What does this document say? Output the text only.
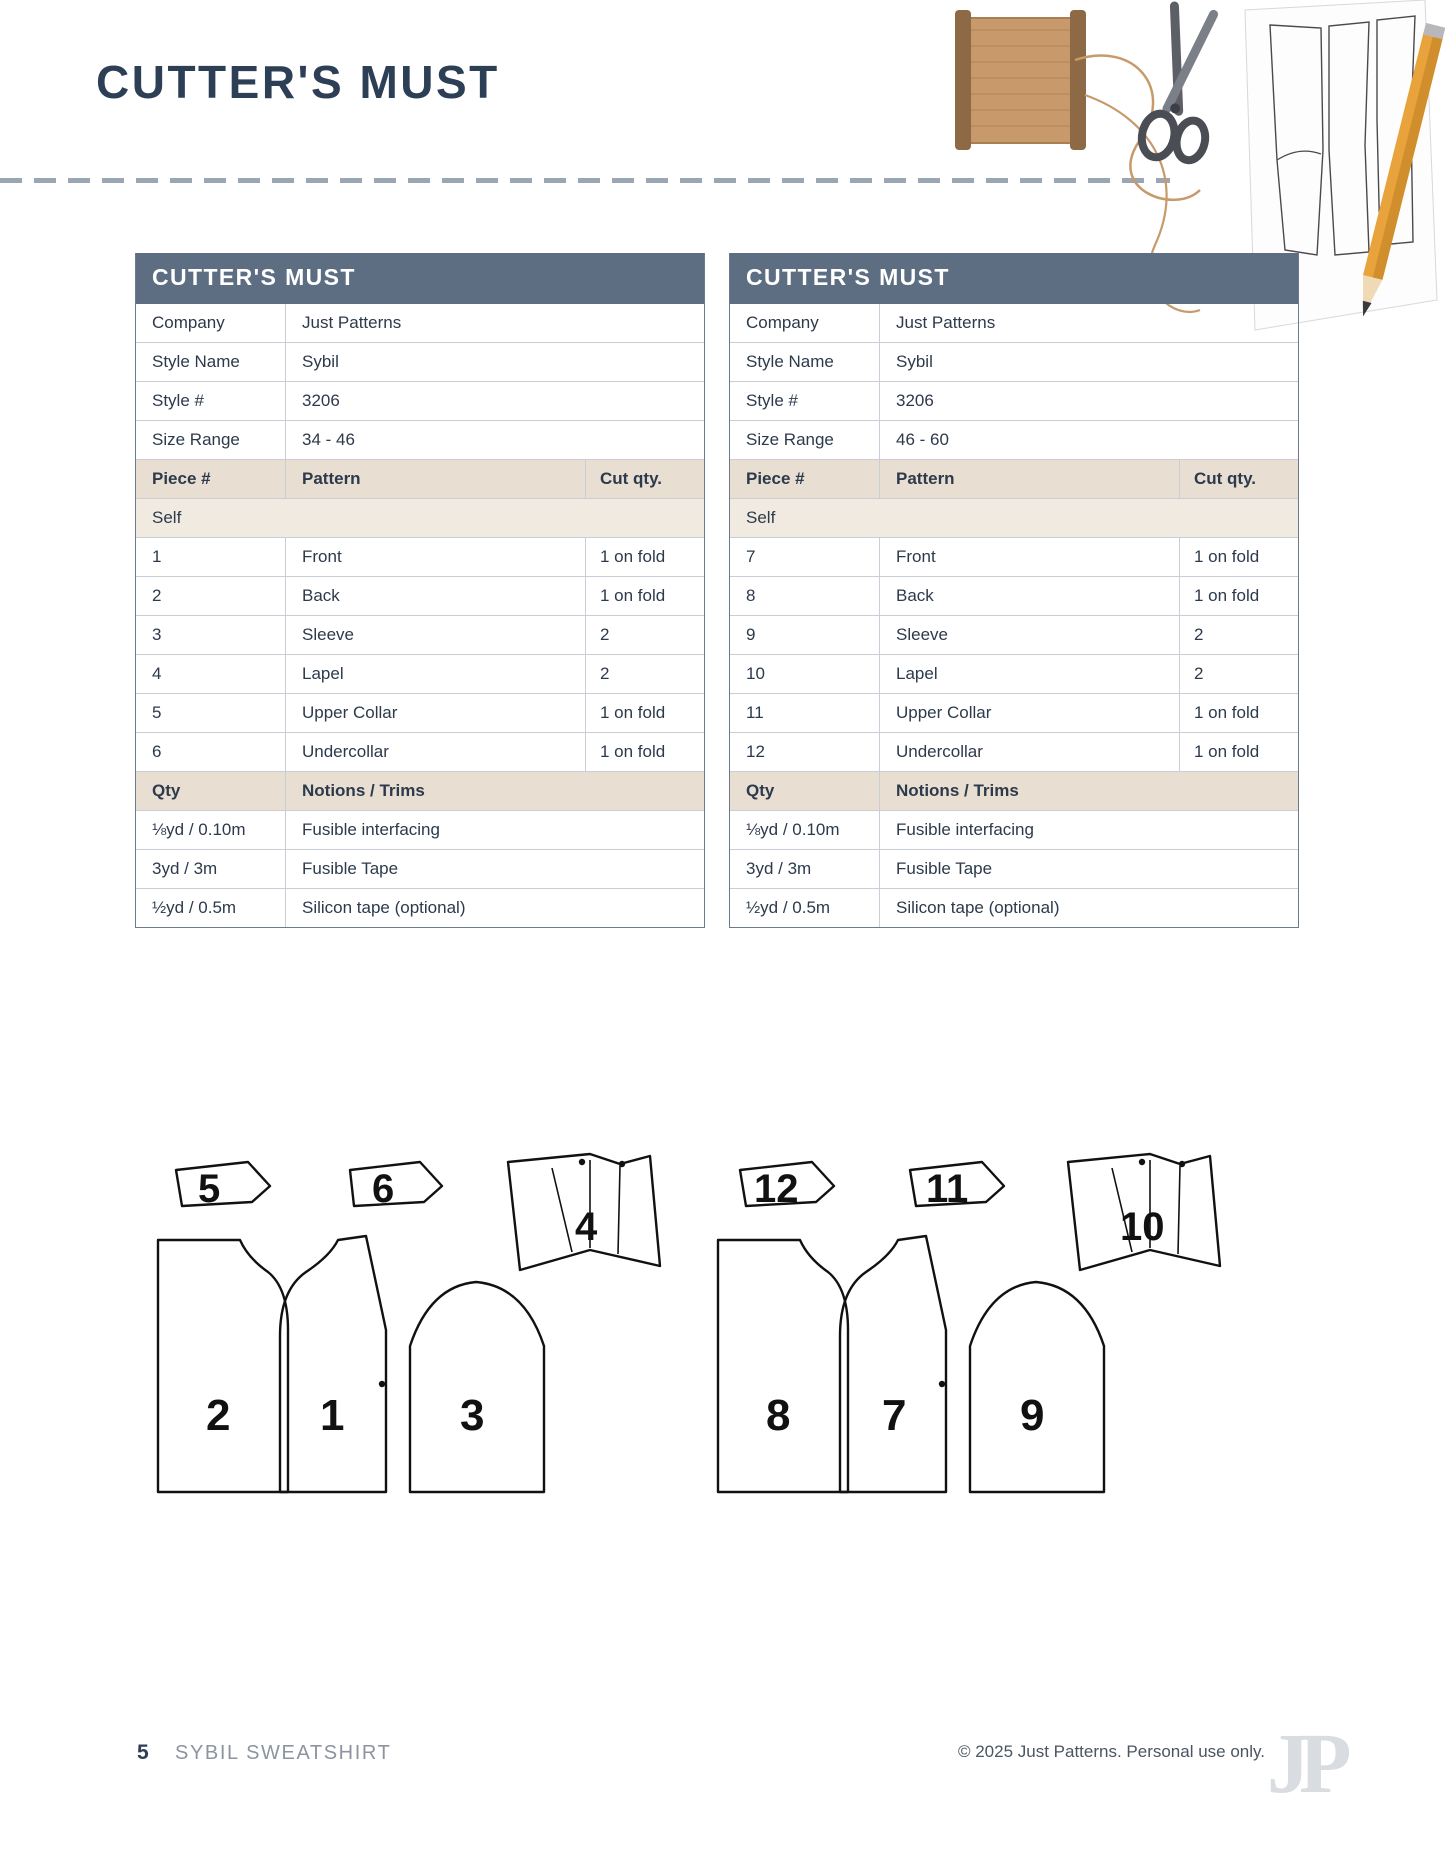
CUTTER'S MUST
CUTTER'S MUST
Company	Just Patterns
Style Name	Sybil
Style #	3206
Size Range	34 - 46
Piece #	Pattern	Cut qty.
Self
1	Front	1 on fold
2	Back	1 on fold
3	Sleeve	2
4	Lapel	2
5	Upper Collar	1 on fold
6	Undercollar	1 on fold
Qty	Notions / Trims
⅛yd / 0.10m	Fusible interfacing
3yd / 3m	Fusible Tape
½yd / 0.5m	Silicon tape (optional)
CUTTER'S MUST
Company	Just Patterns
Style Name	Sybil
Style #	3206
Size Range	46 - 60
Piece #	Pattern	Cut qty.
Self
7	Front	1 on fold
8	Back	1 on fold
9	Sleeve	2
10	Lapel	2
11	Upper Collar	1 on fold
12	Undercollar	1 on fold
Qty	Notions / Trims
⅛yd / 0.10m	Fusible interfacing
3yd / 3m	Fusible Tape
½yd / 0.5m	Silicon tape (optional)
5	6
4
2 1	3
12	11
10
8 7	9
5 SYBIL SWEATSHIRT	© 2025 Just Patterns. Personal use only. J
P
